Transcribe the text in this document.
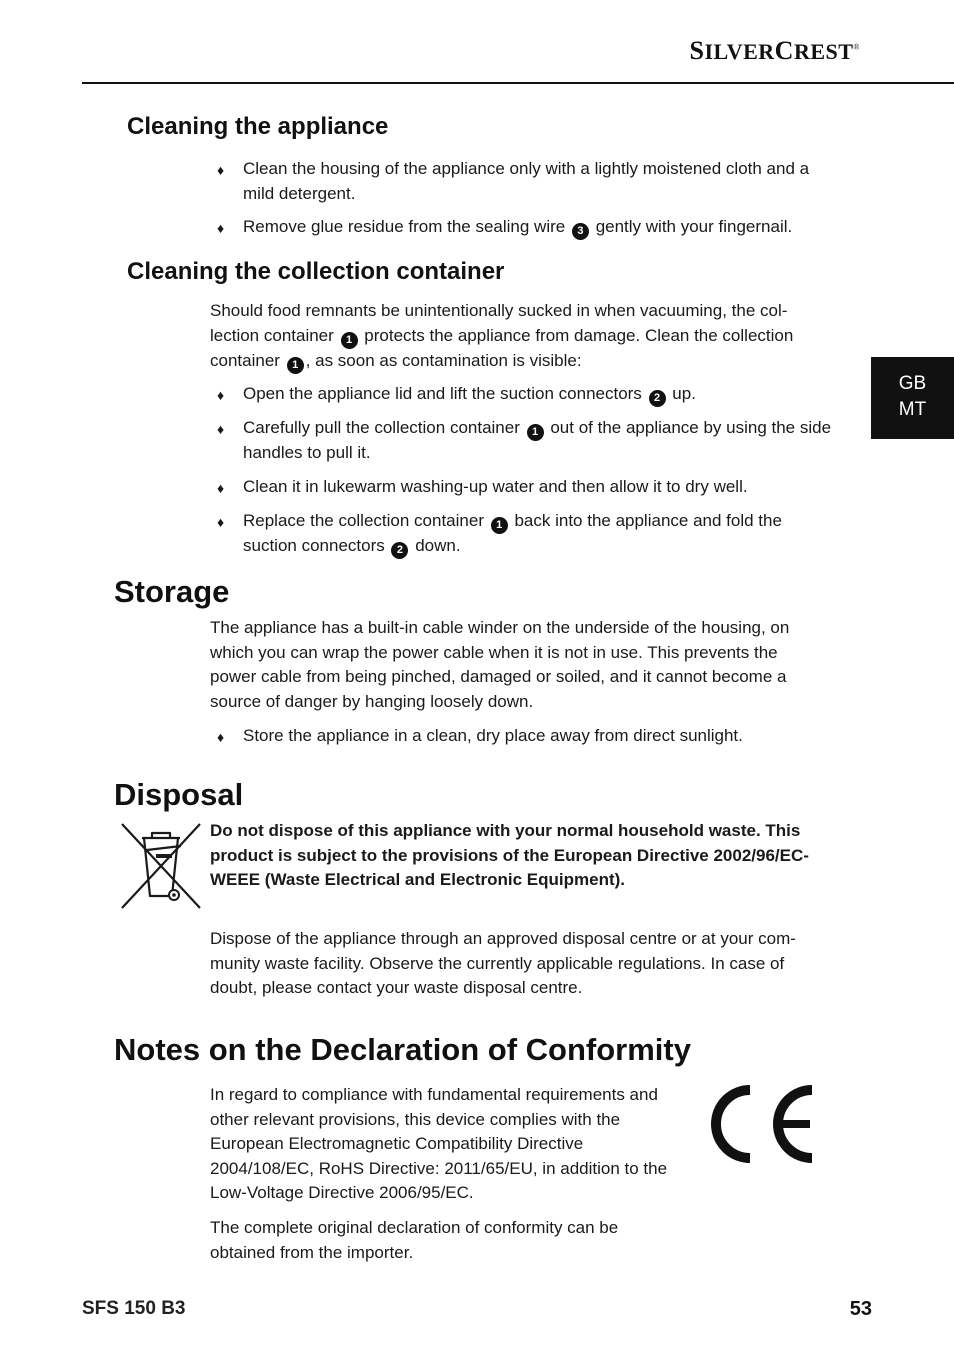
SILVERCREST®
GB
MT
Cleaning the appliance
♦	Clean the housing of the appliance only with a lightly moistened cloth and a mild detergent.
♦	Remove glue residue from the sealing wire 3 gently with your fingernail.
Cleaning the collection container

Should food remnants be unintentionally sucked in when vacuuming, the col-lection container 1 protects the appliance from damage. Clean the collection container 1 , as soon as contamination is visible:

♦	Open the appliance lid and lift the suction connectors 2 up.
♦	Carefully pull the collection container 1 out of the appliance by using the side handles to pull it.
♦	Clean it in lukewarm washing-up water and then allow it to dry well.
♦	Replace the collection container 1 back into the appliance and fold the suction connectors 2 down.
Storage

The appliance has a built-in cable winder on the underside of the housing, on which you can wrap the power cable when it is not in use. This prevents the power cable from being pinched, damaged or soiled, and it cannot become a source of danger by hanging loosely down.

♦	Store the appliance in a clean, dry place away from direct sunlight.
Disposal

Do not dispose of this appliance with your normal household waste. This product is subject to the provisions of the European Directive 2002/96/EC-WEEE (Waste Electrical and Electronic Equipment).

Dispose of the appliance through an approved disposal centre or at your com-munity waste facility. Observe the currently applicable regulations. In case of doubt, please contact your waste disposal centre.

Notes on the Declaration of Conformity

In regard to compliance with fundamental requirements and other relevant provisions, this device complies with the European Electromagnetic Compatibility Directive 2004/108/EC, RoHS Directive: 2011/65/EU, in addition to the Low-Voltage Directive 2006/95/EC.

The complete original declaration of conformity can be obtained from the importer.

SFS 150 B3	53
